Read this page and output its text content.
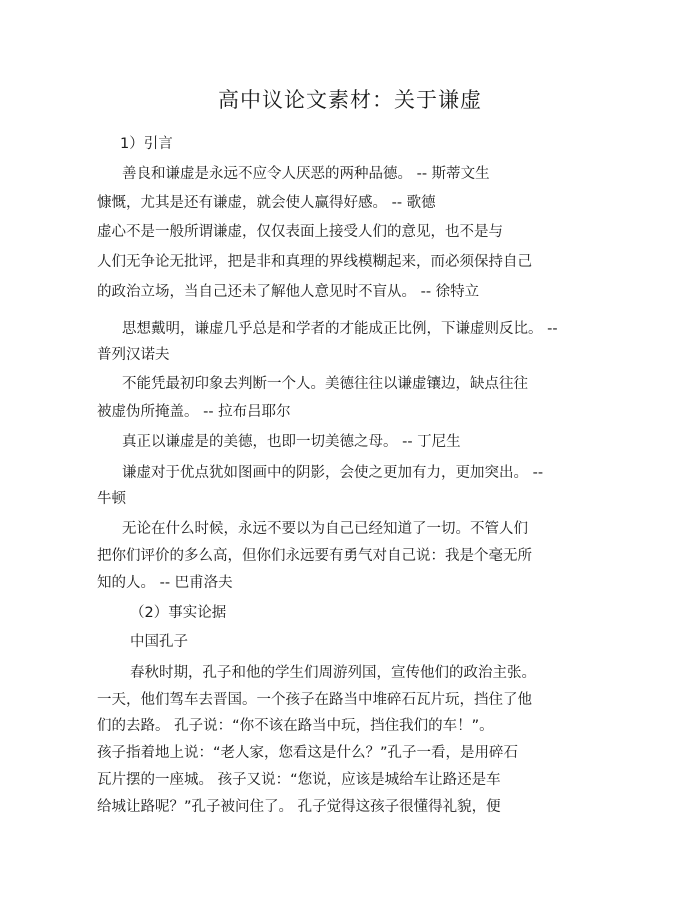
高中议论文素材：关于谦虚
1）引言
善良和谦虚是永远不应令人厌恶的两种品德。 -- 斯蒂文生
慷慨，尤其是还有谦虚，就会使人赢得好感。 -- 歌德
虚心不是一般所谓谦虚，仅仅表面上接受人们的意见，也不是与
人们无争论无批评，把是非和真理的界线模糊起来，而必须保持自己
的政治立场，当自己还未了解他人意见时不盲从。 -- 徐特立
思想戴明，谦虚几乎总是和学者的才能成正比例，下谦虚则反比。 --
普列汉诺夫
不能凭最初印象去判断一个人。美德往往以谦虚镶边，缺点往往
被虚伪所掩盖。 -- 拉布吕耶尔
真正以谦虚是的美德，也即一切美德之母。 -- 丁尼生
谦虚对于优点犹如图画中的阴影，会使之更加有力，更加突出。 --
牛顿
无论在什么时候，永远不要以为自己已经知道了一切。不管人们
把你们评价的多么高，但你们永远要有勇气对自己说：我是个毫无所
知的人。 -- 巴甫洛夫
（2）事实论据
中国孔子
春秋时期，孔子和他的学生们周游列国，宣传他们的政治主张。
一天，他们驾车去晋国。一个孩子在路当中堆碎石瓦片玩，挡住了他
们的去路。 孔子说：“你不该在路当中玩，挡住我们的车！”。
孩子指着地上说：“老人家，您看这是什么？”孔子一看，是用碎石
瓦片摆的一座城。 孩子又说：“您说，应该是城给车让路还是车
给城让路呢？”孔子被问住了。 孔子觉得这孩子很懂得礼貌，便
